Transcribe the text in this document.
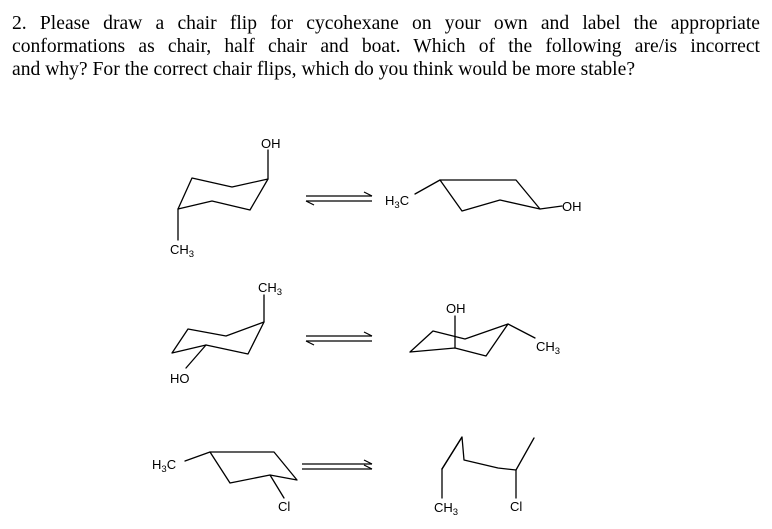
2. Please draw a chair flip for cycohexane on your own and label the appropriate
conformations as chair, half chair and boat. Which of the following are/is incorrect
and why? For the correct chair flips, which do you think would be more stable?
OH
$CH_3$
$H_3C$	OH
$CH_3$
HO
OH
$CH_3$
$H_3C$
Cl	$CH_3$	Cl
